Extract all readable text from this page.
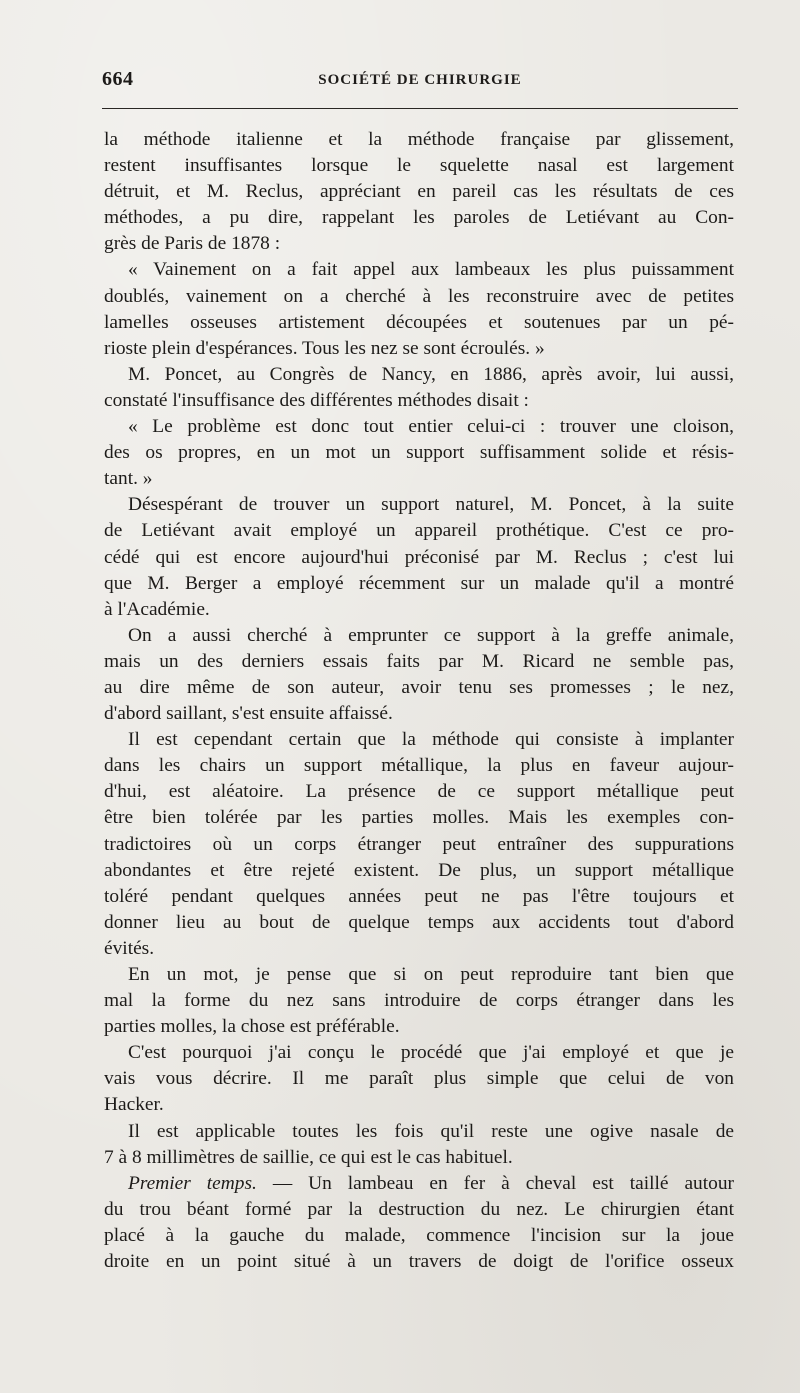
664	SOCIÉTÉ DE CHIRURGIE
la méthode italienne et la méthode française par glissement,
restent insuffisantes lorsque le squelette nasal est largement
détruit, et M. Reclus, appréciant en pareil cas les résultats de ces
méthodes, a pu dire, rappelant les paroles de Letiévant au Con-
grès de Paris de 1878 :
« Vainement on a fait appel aux lambeaux les plus puissamment
doublés, vainement on a cherché à les reconstruire avec de petites
lamelles osseuses artistement découpées et soutenues par un pé-
rioste plein d'espérances. Tous les nez se sont écroulés. »
M. Poncet, au Congrès de Nancy, en 1886, après avoir, lui aussi,
constaté l'insuffisance des différentes méthodes disait :
« Le problème est donc tout entier celui-ci : trouver une cloison,
des os propres, en un mot un support suffisamment solide et résis-
tant. »
Désespérant de trouver un support naturel, M. Poncet, à la suite
de Letiévant avait employé un appareil prothétique. C'est ce pro-
cédé qui est encore aujourd'hui préconisé par M. Reclus ; c'est lui
que M. Berger a employé récemment sur un malade qu'il a montré
à l'Académie.
On a aussi cherché à emprunter ce support à la greffe animale,
mais un des derniers essais faits par M. Ricard ne semble pas,
au dire même de son auteur, avoir tenu ses promesses ; le nez,
d'abord saillant, s'est ensuite affaissé.
Il est cependant certain que la méthode qui consiste à implanter
dans les chairs un support métallique, la plus en faveur aujour-
d'hui, est aléatoire. La présence de ce support métallique peut
être bien tolérée par les parties molles. Mais les exemples con-
tradictoires où un corps étranger peut entraîner des suppurations
abondantes et être rejeté existent. De plus, un support métallique
toléré pendant quelques années peut ne pas l'être toujours et
donner lieu au bout de quelque temps aux accidents tout d'abord
évités.
En un mot, je pense que si on peut reproduire tant bien que
mal la forme du nez sans introduire de corps étranger dans les
parties molles, la chose est préférable.
C'est pourquoi j'ai conçu le procédé que j'ai employé et que je
vais vous décrire. Il me paraît plus simple que celui de von
Hacker.
Il est applicable toutes les fois qu'il reste une ogive nasale de
7 à 8 millimètres de saillie, ce qui est le cas habituel.
Premier temps. — Un lambeau en fer à cheval est taillé autour
du trou béant formé par la destruction du nez. Le chirurgien étant
placé à la gauche du malade, commence l'incision sur la joue
droite en un point situé à un travers de doigt de l'orifice osseux
